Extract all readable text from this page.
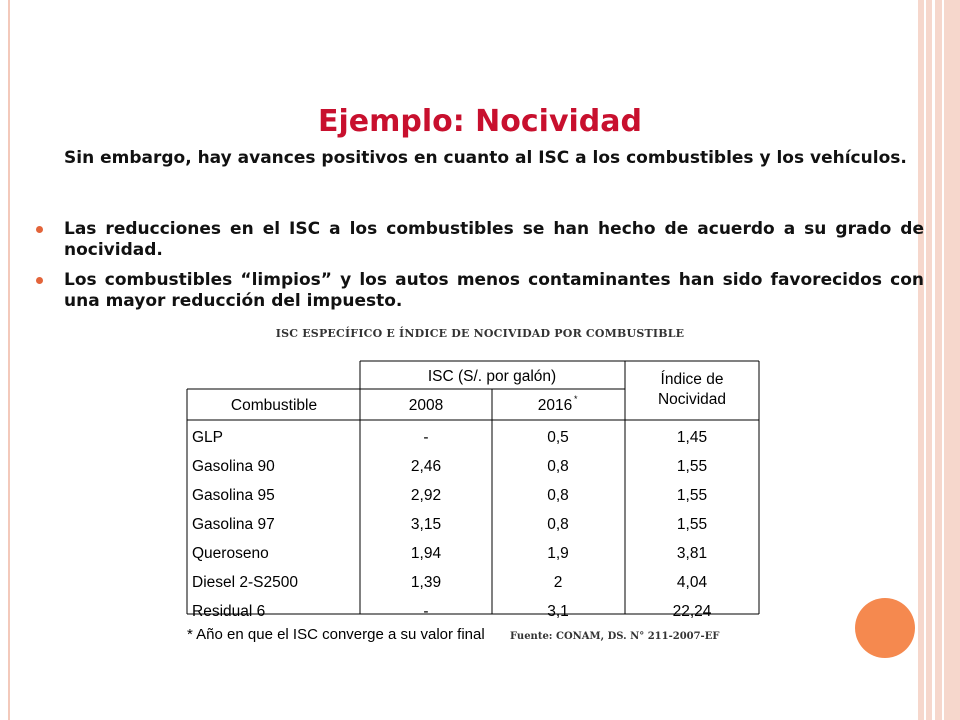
Ejemplo: Nocividad
Sin embargo, hay avances positivos en cuanto al ISC a los combustibles y los vehículos.
Las reducciones en el ISC a los combustibles se han hecho de acuerdo a su grado de nocividad.
Los combustibles “limpios” y los autos menos contaminantes han sido favorecidos con una mayor reducción del impuesto.
ISC ESPECÍFICO E ÍNDICE DE NOCIVIDAD POR COMBUSTIBLE
ISC (S/. por galón)	Índice de
Nocividad
Combustible	2008	2016 *
GLP	-	0,5	1,45
Gasolina 90	2,46	0,8	1,55
Gasolina 95	2,92	0,8	1,55
Gasolina 97	3,15	0,8	1,55
Queroseno	1,94	1,9	3,81
Diesel 2-S2500	1,39	2	4,04
Residual 6	-	3,1	22,24
* Año en que el ISC converge a su valor final	Fuente: CONAM, DS. N° 211-2007-EF
